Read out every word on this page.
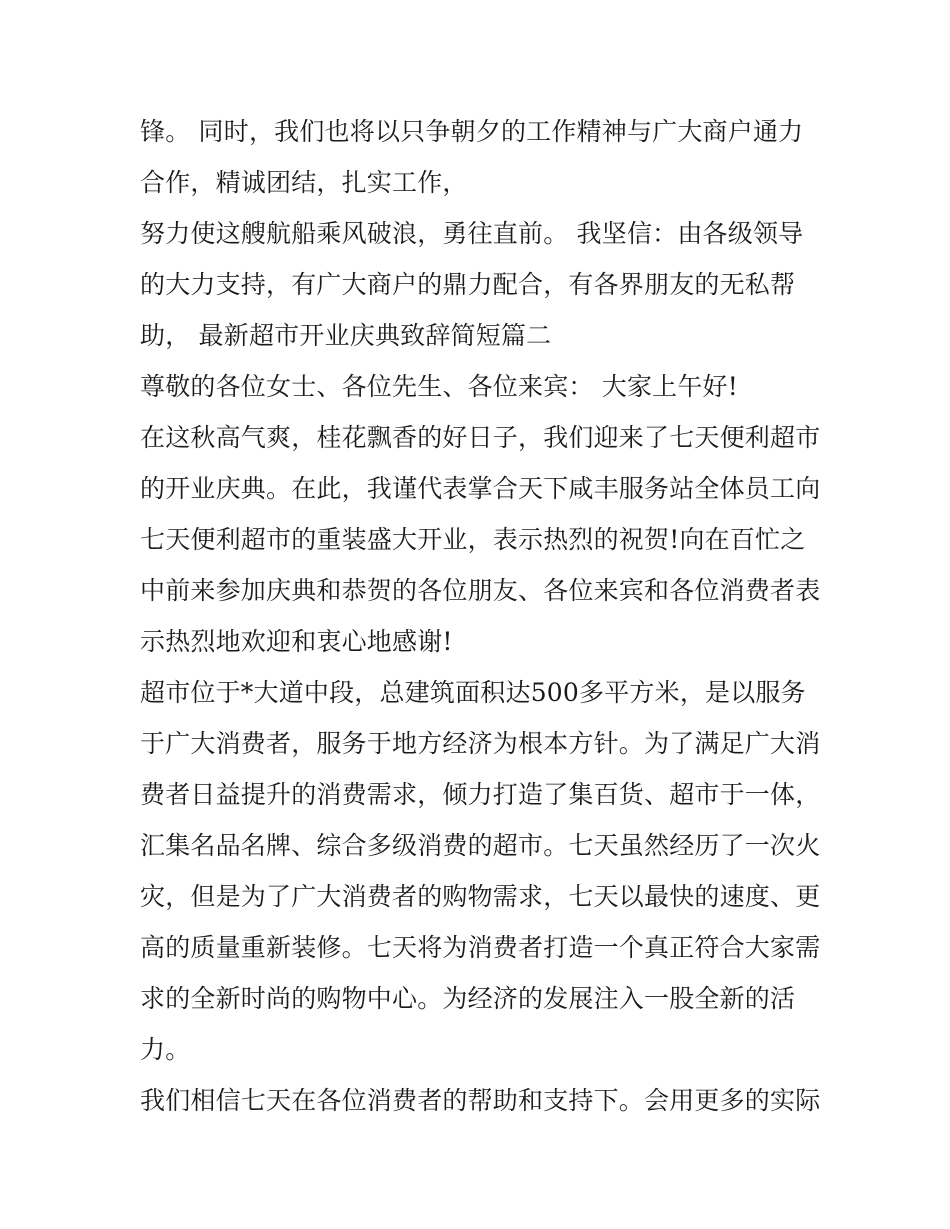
锋。 同时，我们也将以只争朝夕的工作精神与广大商户通力
合作，精诚团结，扎实工作，
努力使这艘航船乘风破浪，勇往直前。 我坚信：由各级领导
的大力支持，有广大商户的鼎力配合，有各界朋友的无私帮
助， 最新超市开业庆典致辞简短篇二
尊敬的各位女士、各位先生、各位来宾： 大家上午好!
在这秋高气爽，桂花飘香的好日子，我们迎来了七天便利超市
的开业庆典。在此，我谨代表掌合天下咸丰服务站全体员工向
七天便利超市的重装盛大开业，表示热烈的祝贺!向在百忙之
中前来参加庆典和恭贺的各位朋友、各位来宾和各位消费者表
示热烈地欢迎和衷心地感谢!
超市位于*大道中段，总建筑面积达500多平方米，是以服务
于广大消费者，服务于地方经济为根本方针。为了满足广大消
费者日益提升的消费需求，倾力打造了集百货、超市于一体，
汇集名品名牌、综合多级消费的超市。七天虽然经历了一次火
灾，但是为了广大消费者的购物需求，七天以最快的速度、更
高的质量重新装修。七天将为消费者打造一个真正符合大家需
求的全新时尚的购物中心。为经济的发展注入一股全新的活
力。
我们相信七天在各位消费者的帮助和支持下。会用更多的实际
